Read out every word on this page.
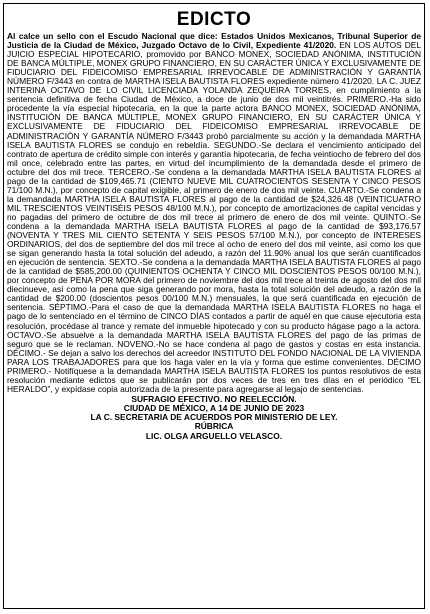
EDICTO
Al calce un sello con el Escudo Nacional que dice: Estados Unidos Mexicanos, Tribunal Superior de Justicia de la Ciudad de México, Juzgado Octavo de lo Civil, Expediente 41/2020. EN LOS AUTOS DEL JUICIO ESPECIAL HIPOTECARIO, promovido por BANCO MONEX, SOCIEDAD ANÓNIMA, INSTITUCIÓN DE BANCA MÚLTIPLE, MONEX GRUPO FINANCIERO, EN SU CARÁCTER ÚNICA Y EXCLUSIVAMENTE DE FIDUCIARIO DEL FIDEICOMISO EMPRESARIAL IRREVOCABLE DE ADMINISTRACIÓN Y GARANTÍA NÚMERO F/3443 en contra de MARTHA ISELA BAUTISTA FLORES expediente número 41/2020. LA C. JUEZ INTERINA OCTAVO DE LO CIVIL LICENCIADA YOLANDA ZEQUEIRA TORRES, en cumplimiento a la sentencia definitiva de fecha Ciudad de México, a doce de junio de dos mil veintitrés. PRIMERO.-Ha sido procedente la vía especial hipotecaria, en la que la parte actora BANCO MONEX, SOCIEDAD ANÓNIMA, INSTITUCIÓN DE BANCA MÚLTIPLE, MONEX GRUPO FINANCIERO, EN SU CARÁCTER ÚNICA Y EXCLUSIVAMENTE DE FIDUCIARIO DEL FIDEICOMISO EMPRESARIAL IRREVOCABLE DE ADMINISTRACIÓN Y GARANTÍA NÚMERO F/3443 probó parcialmente su acción y la demandada MARTHA ISELA BAUTISTA FLORES se condujo en rebeldía. SEGUNDO.-Se declara el vencimiento anticipado del contrato de apertura de crédito simple con interés y garantía hipotecaria, de fecha veintiocho de febrero del dos mil once, celebrado entre las partes, en virtud del incumplimiento de la demandada desde el primero de octubre del dos mil trece. TERCERO.-Se condena a la demandada MARTHA ISELA BAUTISTA FLORES al pago de la cantidad de $109,465.71 (CIENTO NUEVE MIL CUATROCIENTOS SESENTA Y CINCO PESOS 71/100 M.N.), por concepto de capital exigible, al primero de enero de dos mil veinte. CUARTO.-Se condena a la demandada MARTHA ISELA BAUTISTA FLORES al pago de la cantidad de $24,326.48 (VEINTICUATRO MIL TRESCIENTOS VEINTISÉIS PESOS 48/100 M.N.), por concepto de amortizaciones de capital vencidas y no pagadas del primero de octubre de dos mil trece al primero de enero de dos mil veinte. QUINTO.-Se condena a la demandada MARTHA ISELA BAUTISTA FLORES al pago de la cantidad de $93,176.57 (NOVENTA Y TRES MIL CIENTO SETENTA Y SEIS PESOS 57/100 M.N.), por concepto de INTERESES ORDINARIOS, del dos de septiembre del dos mil trece al ocho de enero del dos mil veinte, así como los que se sigan generando hasta la total solución del adeudo, a razón del 11.90% anual los que serán cuantificados en ejecución de sentencia. SEXTO.-Se condena a la demandada MARTHA ISELA BAUTISTA FLORES al pago de la cantidad de $585,200.00 (QUINIENTOS OCHENTA Y CINCO MIL DOSCIENTOS PESOS 00/100 M.N.), por concepto de PENA POR MORA del primero de noviembre del dos mil trece al treinta de agosto del dos mil diecinueve, así como la pena que siga generando por mora, hasta la total solución del adeudo, a razón de la cantidad de $200.00 (doscientos pesos 00/100 M.N.) mensuales, la que será cuantificada en ejecución de sentencia. SÉPTIMO.-Para el caso de que la demandada MARTHA ISELA BAUTISTA FLORES no haga el pago de lo sentenciado en el término de CINCO DÍAS contados a partir de aquél en que cause ejecutoria esta resolución, procédase al trance y remate del inmueble hipotecado y con su producto hágase pago a la actora. OCTAVO.-Se absuelve a la demandada MARTHA ISELA BAUTISTA FLORES del pago de las primas de seguro que se le reclaman. NOVENO.-No se hace condena al pago de gastos y costas en esta instancia. DÉCIMO.- Se dejan a salvo los derechos del acreedor INSTITUTO DEL FONDO NACIONAL DE LA VIVIENDA PARA LOS TRABAJADORES para que los haga valer en la vía y forma que estime convenientes. DÉCIMO PRIMERO.- Notifíquese a la demandada MARTHA ISELA BAUTISTA FLORES los puntos resolutivos de esta resolución mediante edictos que se publicarán por dos veces de tres en tres días en el periódico “EL HERALDO”, y expídase copia autorizada de la presente para agregarse al legajo de sentencias.
SUFRAGIO EFECTIVO. NO REELECCIÓN.
CIUDAD DE MÉXICO, A 14 DE JUNIO DE 2023
LA C. SECRETARIA DE ACUERDOS POR MINISTERIO DE LEY.
RÚBRICA
LIC. OLGA ARGUELLO VELASCO.
